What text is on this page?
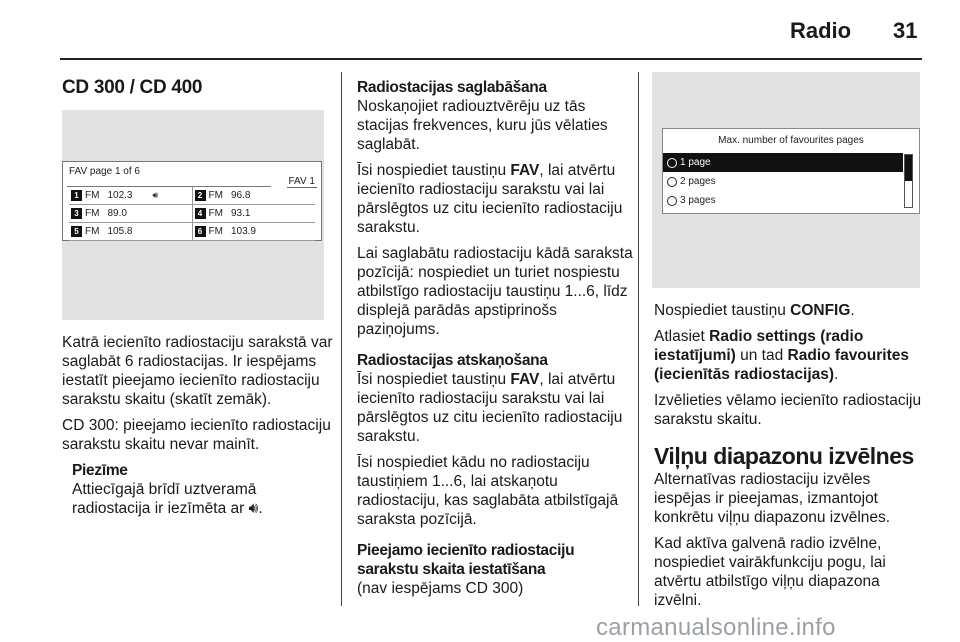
Radio 31
CD 300 / CD 400
FAV page 1 of 6
FAV 1
1 FM 102.3 🔊︎	2 FM 96.8
3 FM 89.0	4 FM 93.1
5 FM 105.8	6 FM 103.9

Katrā iecienīto radiostaciju sarakstā var saglabāt 6 radiostacijas. Ir iespējams iestatīt pieejamo iecienīto radiostaciju sarakstu skaitu (skatīt zemāk).

CD 300: pieejamo iecienīto radiostaciju sarakstu skaitu nevar mainīt.

Piezīme
Attiecīgajā brīdī uztveramā radiostacija ir iezīmēta ar 🔊︎.
Radiostacijas saglabāšana

Noskaņojiet radiouztvērēju uz tās stacijas frekvences, kuru jūs vēlaties saglabāt.

Īsi nospiediet taustiņu FAV, lai atvērtu iecienīto radiostaciju sarakstu vai lai pārslēgtos uz citu iecienīto radiostaciju sarakstu.

Lai saglabātu radiostaciju kādā saraksta pozīcijā: nospiediet un turiet nospiestu atbilstīgo radiostaciju taustiņu 1...6, līdz displejā parādās apstiprinošs paziņojums.

Radiostacijas atskaņošana

Īsi nospiediet taustiņu FAV, lai atvērtu iecienīto radiostaciju sarakstu vai lai pārslēgtos uz citu iecienīto radiostaciju sarakstu.

Īsi nospiediet kādu no radiostaciju taustiņiem 1...6, lai atskaņotu radiostaciju, kas saglabāta atbilstīgajā saraksta pozīcijā.

Pieejamo iecienīto radiostaciju sarakstu skaita iestatīšana

(nav iespējams CD 300)

Max. number of favourites pages
1 page
2 pages
3 pages

Nospiediet taustiņu CONFIG.

Atlasiet Radio settings (radio iestatījumi) un tad Radio favourites (iecienītās radiostacijas).

Izvēlieties vēlamo iecienīto radiostaciju sarakstu skaitu.

Viļņu diapazonu izvēlnes

Alternatīvas radiostaciju izvēles iespējas ir pieejamas, izmantojot konkrētu viļņu diapazonu izvēlnes.

Kad aktīva galvenā radio izvēlne, nospiediet vairākfunkciju pogu, lai atvērtu atbilstīgo viļņu diapazona izvēlni.

carmanualsonline.info
